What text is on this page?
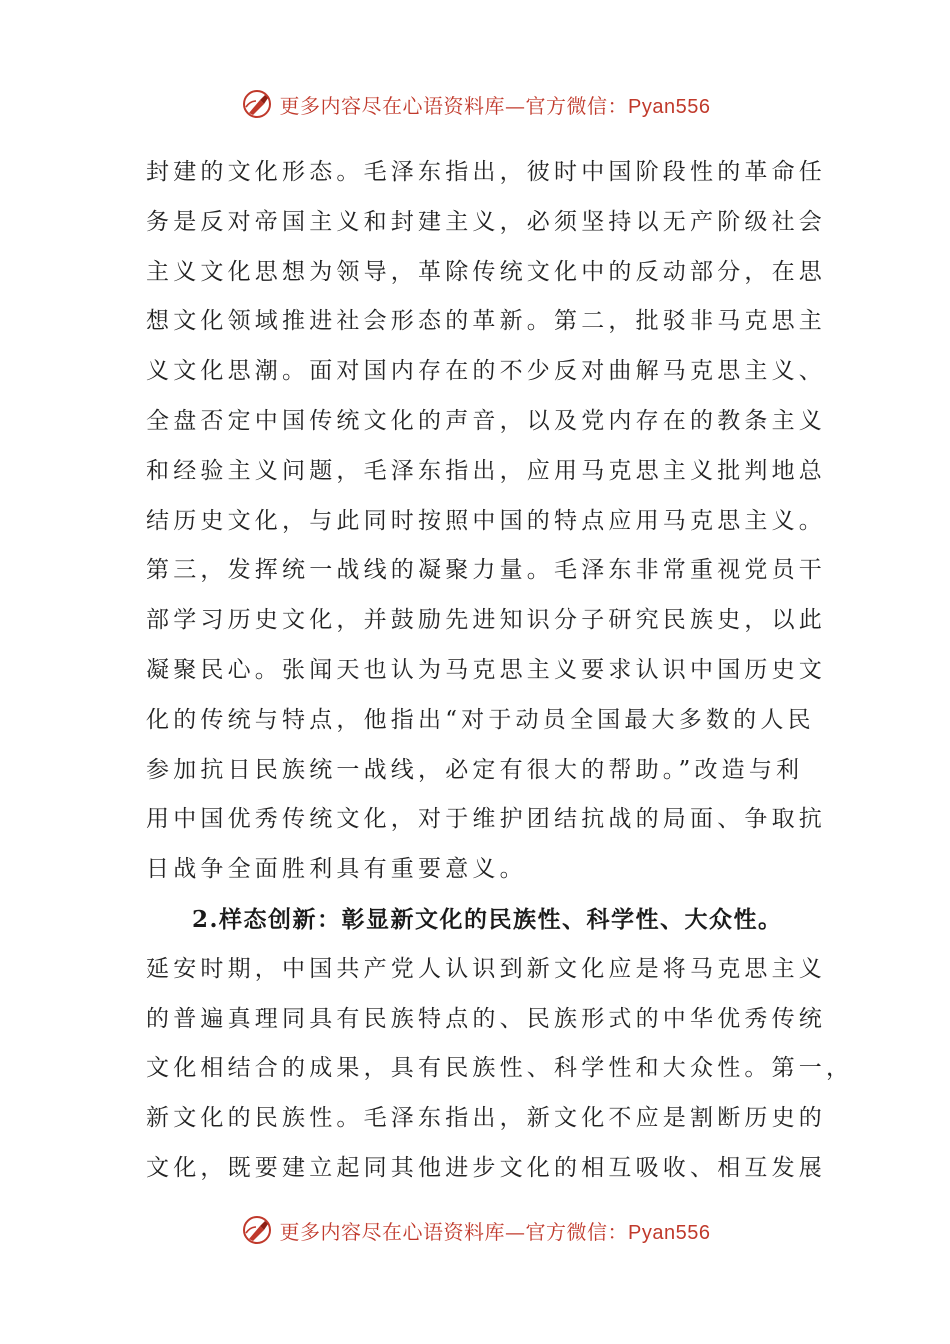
更多内容尽在心语资料库—官方微信：Pyan556
封建的文化形态。毛泽东指出，彼时中国阶段性的革命任
务是反对帝国主义和封建主义，必须坚持以无产阶级社会
主义文化思想为领导，革除传统文化中的反动部分，在思
想文化领域推进社会形态的革新。第二，批驳非马克思主
义文化思潮。面对国内存在的不少反对曲解马克思主义、
全盘否定中国传统文化的声音，以及党内存在的教条主义
和经验主义问题，毛泽东指出，应用马克思主义批判地总
结历史文化，与此同时按照中国的特点应用马克思主义。
第三，发挥统一战线的凝聚力量。毛泽东非常重视党员干
部学习历史文化，并鼓励先进知识分子研究民族史，以此
凝聚民心。张闻天也认为马克思主义要求认识中国历史文
化的传统与特点，他指出“对于动员全国最大多数的人民
参加抗日民族统一战线，必定有很大的帮助。”改造与利
用中国优秀传统文化，对于维护团结抗战的局面、争取抗
日战争全面胜利具有重要意义。
2.样态创新：彰显新文化的民族性、科学性、大众性。
延安时期，中国共产党人认识到新文化应是将马克思主义
的普遍真理同具有民族特点的、民族形式的中华优秀传统
文化相结合的成果，具有民族性、科学性和大众性。第一，
新文化的民族性。毛泽东指出，新文化不应是割断历史的
文化，既要建立起同其他进步文化的相互吸收、相互发展
更多内容尽在心语资料库—官方微信：Pyan556
